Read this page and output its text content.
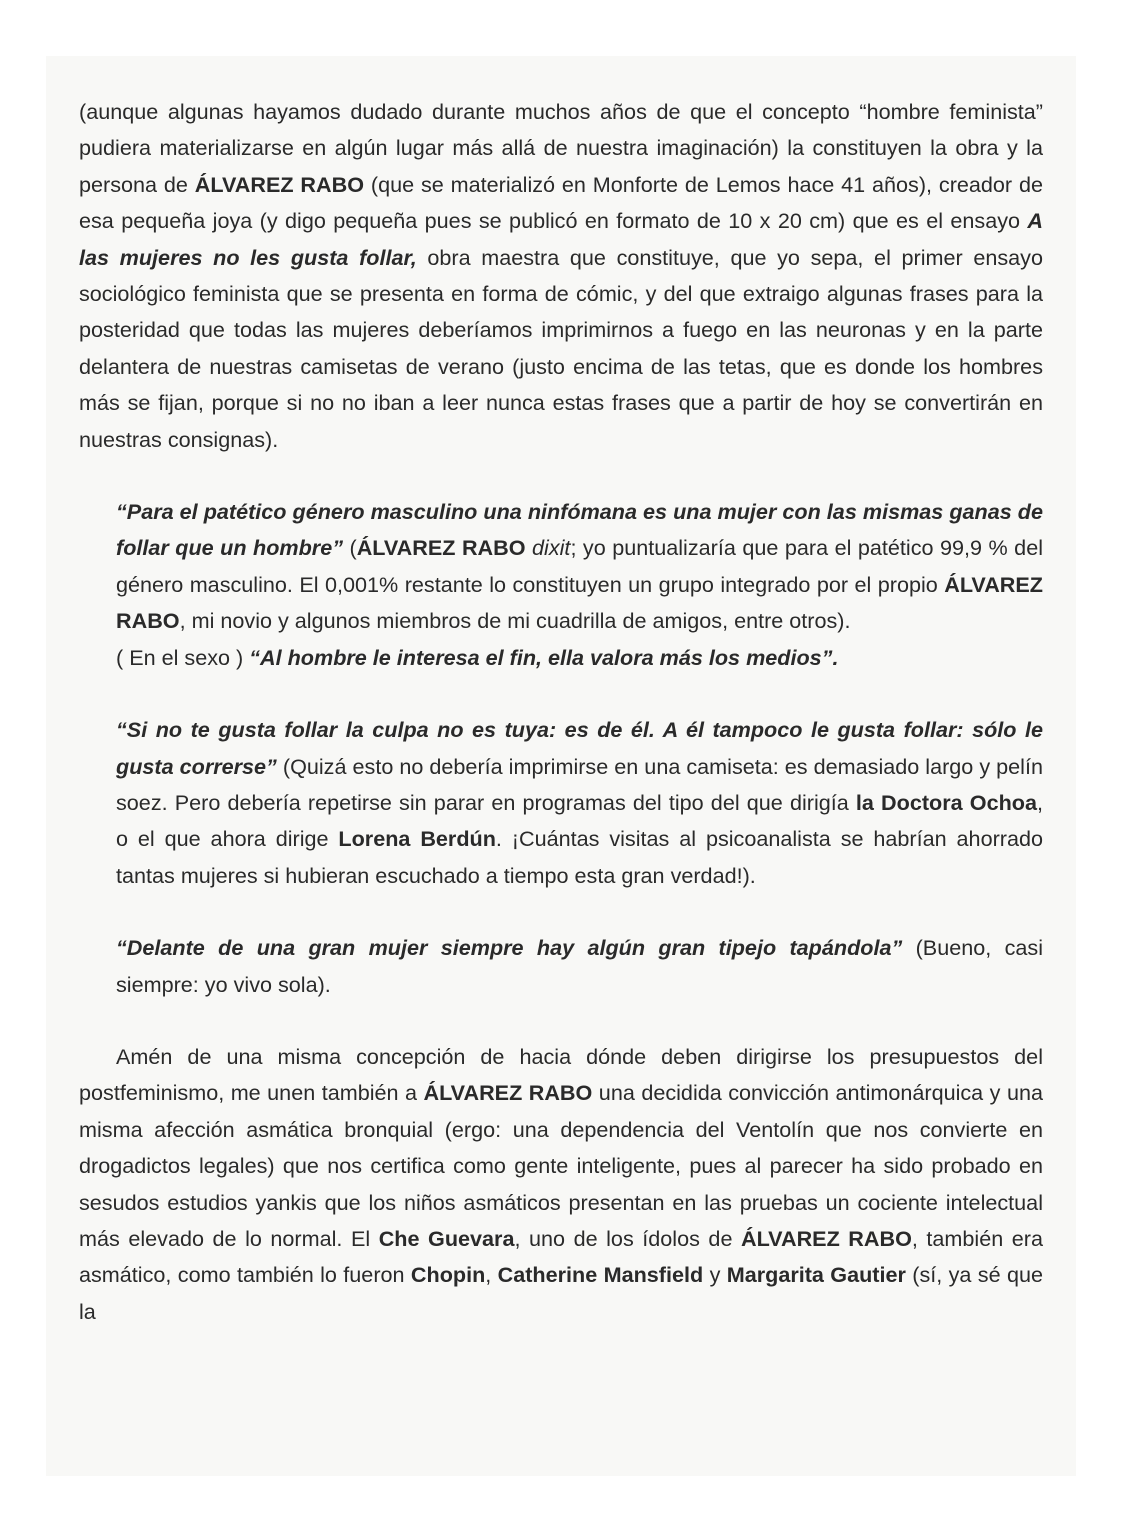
(aunque algunas hayamos dudado durante muchos años de que el concepto “hombre feminista” pudiera materializarse en algún lugar más allá de nuestra imaginación) la constituyen la obra y la persona de ÁLVAREZ RABO (que se materializó en Monforte de Lemos hace 41 años), creador de esa pequeña joya (y digo pequeña pues se publicó en formato de 10 x 20 cm) que es el ensayo A las mujeres no les gusta follar, obra maestra que constituye, que yo sepa, el primer ensayo sociológico feminista que se presenta en forma de cómic, y del que extraigo algunas frases para la posteridad que todas las mujeres deberíamos imprimirnos a fuego en las neuronas y en la parte delantera de nuestras camisetas de verano (justo encima de las tetas, que es donde los hombres más se fijan, porque si no no iban a leer nunca estas frases que a partir de hoy se convertirán en nuestras consignas).

“Para el patético género masculino una ninfómana es una mujer con las mismas ganas de follar que un hombre” (ÁLVAREZ RABO dixit; yo puntualizaría que para el patético 99,9 % del género masculino. El 0,001% restante lo constituyen un grupo integrado por el propio ÁLVAREZ RABO, mi novio y algunos miembros de mi cuadrilla de amigos, entre otros).

( En el sexo ) “Al hombre le interesa el fin, ella valora más los medios”.

“Si no te gusta follar la culpa no es tuya: es de él. A él tampoco le gusta follar: sólo le gusta correrse” (Quizá esto no debería imprimirse en una camiseta: es demasiado largo y pelín soez. Pero debería repetirse sin parar en programas del tipo del que dirigía la Doctora Ochoa, o el que ahora dirige Lorena Berdún. ¡Cuántas visitas al psicoanalista se habrían ahorrado tantas mujeres si hubieran escuchado a tiempo esta gran verdad!).

“Delante de una gran mujer siempre hay algún gran tipejo tapándola” (Bueno, casi siempre: yo vivo sola).

Amén de una misma concepción de hacia dónde deben dirigirse los presupuestos del postfeminismo, me unen también a ÁLVAREZ RABO una decidida convicción antimonárquica y una misma afección asmática bronquial (ergo: una dependencia del Ventolín que nos convierte en drogadictos legales) que nos certifica como gente inteligente, pues al parecer ha sido probado en sesudos estudios yankis que los niños asmáticos presentan en las pruebas un cociente intelectual más elevado de lo normal. El Che Guevara, uno de los ídolos de ÁLVAREZ RABO, también era asmático, como también lo fueron Chopin, Catherine Mansfield y Margarita Gautier (sí, ya sé que la
